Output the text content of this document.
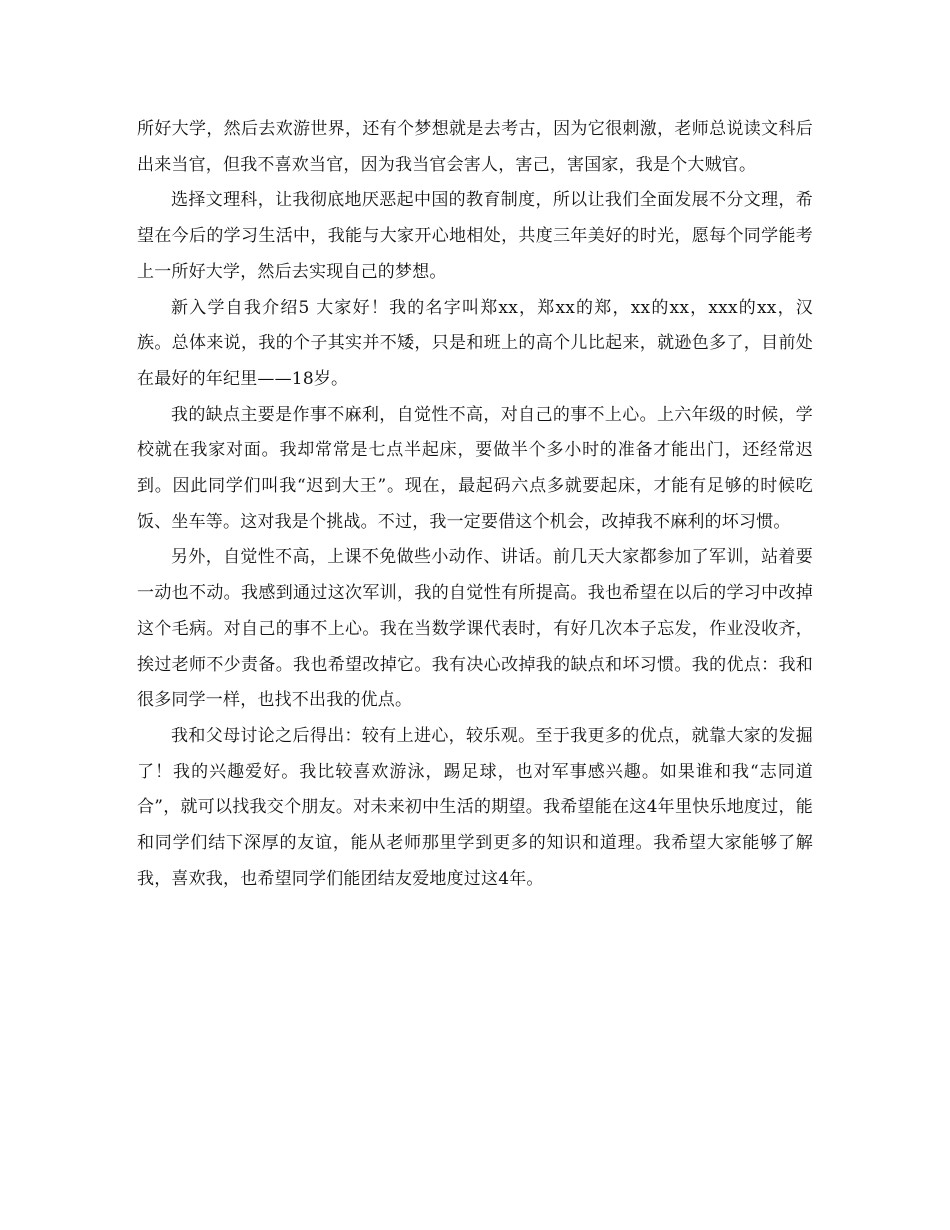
所好大学，然后去欢游世界，还有个梦想就是去考古，因为它很刺激，老师总说读文科后出来当官，但我不喜欢当官，因为我当官会害人，害己，害国家，我是个大贼官。

选择文理科，让我彻底地厌恶起中国的教育制度，所以让我们全面发展不分文理，希望在今后的学习生活中，我能与大家开心地相处，共度三年美好的时光，愿每个同学能考上一所好大学，然后去实现自己的梦想。

新入学自我介绍5 大家好！我的名字叫郑xx，郑xx的郑，xx的xx，xxx的xx，汉族。总体来说，我的个子其实并不矮，只是和班上的高个儿比起来，就逊色多了，目前处在最好的年纪里——18岁。

我的缺点主要是作事不麻利，自觉性不高，对自己的事不上心。上六年级的时候，学校就在我家对面。我却常常是七点半起床，要做半个多小时的准备才能出门，还经常迟到。因此同学们叫我“迟到大王”。现在，最起码六点多就要起床，才能有足够的时候吃饭、坐车等。这对我是个挑战。不过，我一定要借这个机会，改掉我不麻利的坏习惯。

另外，自觉性不高，上课不免做些小动作、讲话。前几天大家都参加了军训，站着要一动也不动。我感到通过这次军训，我的自觉性有所提高。我也希望在以后的学习中改掉这个毛病。对自己的事不上心。我在当数学课代表时，有好几次本子忘发，作业没收齐，挨过老师不少责备。我也希望改掉它。我有决心改掉我的缺点和坏习惯。我的优点：我和很多同学一样，也找不出我的优点。

我和父母讨论之后得出：较有上进心，较乐观。至于我更多的优点，就靠大家的发掘了！我的兴趣爱好。我比较喜欢游泳，踢足球，也对军事感兴趣。如果谁和我“志同道合”，就可以找我交个朋友。对未来初中生活的期望。我希望能在这4年里快乐地度过，能和同学们结下深厚的友谊，能从老师那里学到更多的知识和道理。我希望大家能够了解我，喜欢我，也希望同学们能团结友爱地度过这4年。
